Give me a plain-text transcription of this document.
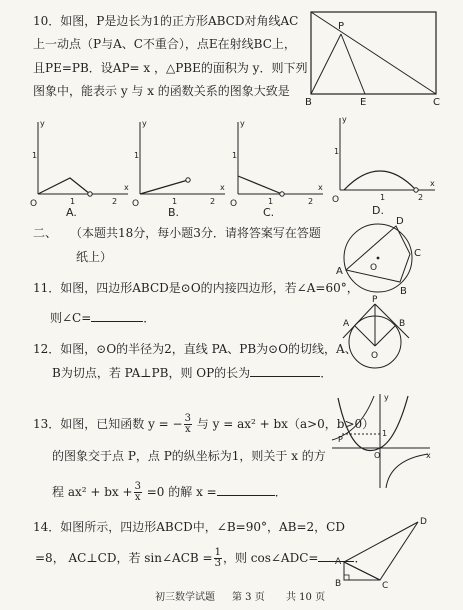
10．如图，P是边长为1的正方形ABCD对角线AC
上一动点（P与A、C不重合），点E在射线BC上，
且PE=PB．设AP= x ，△PBE的面积为 y．则下列
图象中，能表示 y 与 x 的函数关系的图象大致是
P
B	E	C
y
x
O
1
1	2
A.
y
x
O
1
1	2
B.
y
x
O
1
1	2
C.
y
x
O
1
1	2
D.
二、 （本题共18分，每小题3分．请将答案写在答题
纸上）
A
D
C
B
O
11．如图，四边形ABCD是⊙O的内接四边形，若∠A=60°，
则∠C=	．
P
A	B
O
12．如图，⊙O的半径为2，直线 PA、PB为⊙O的切线，A、
B为切点，若 PA⊥PB，则 OP的长为	．
y
x
O
1
P
13．如图，已知函数 y = − $\frac{3}{x}$ 与 y = ax² + bx（a>0，b>0）
的图象交于点 P，点 P的纵坐标为1，则关于 x 的方
程 ax² + bx + $\frac{3}{x} =0$ 的解 x =	．
14．如图所示，四边形ABCD中，∠B=90°，AB=2，CD
=8， AC⊥CD，若 sin∠ACB = $\frac{1}{3}$ ，则 cos∠ADC=	．
A
B	C
D
初三数学试题 第 3 页 共 10 页
